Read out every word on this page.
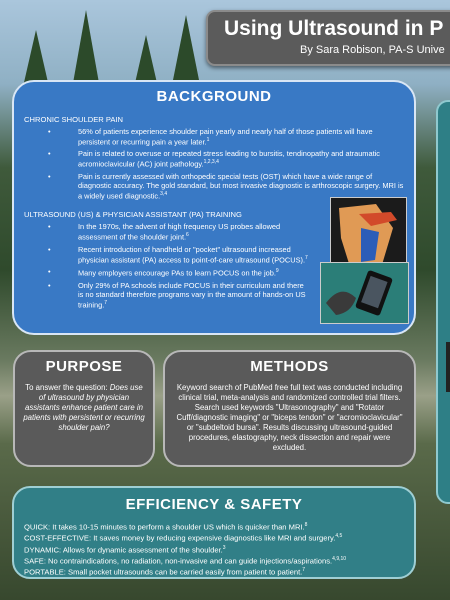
Using Ultrasound in P
By Sara Robison, PA-S Unive
BACKGROUND
CHRONIC SHOULDER PAIN
• 56% of patients experience shoulder pain yearly and nearly half of those patients will have persistent or recurring pain a year later.$^1$
• Pain is related to overuse or repeated stress leading to bursitis, tendinopathy and atraumatic acromioclavicular (AC) joint pathology.$^{1,2,3,4}$
• Pain is currently assessed with orthopedic special tests (OST) which have a wide range of diagnostic accuracy. The gold standard, but most invasive diagnostic is arthroscopic surgery. MRI is a widely used diagnostic.$^{3,4}$
ULTRASOUND (US) & PHYSICIAN ASSISTANT (PA) TRAINING
• In the 1970s, the advent of high frequency US probes allowed assessment of the shoulder joint.$^6$
• Recent introduction of handheld or "pocket" ultrasound increased physician assistant (PA) access to point-of-care ultrasound (POCUS).$^7$
• Many employers encourage PAs to learn POCUS on the job.$^9$
• Only 29% of PA schools include POCUS in their curriculum and there is no standard therefore programs vary in the amount of hands-on US training.$^7$
PURPOSE

To answer the question: Does use of ultrasound by physician assistants enhance patient care in patients with persistent or recurring shoulder pain?

METHODS

Keyword search of PubMed free full text was conducted including clinical trial, meta-analysis and randomized controlled trial filters. Search used keywords "Ultrasonography" and "Rotator Cuff/diagnostic imaging" or "biceps tendon" or "acromioclavicular" or "subdeltoid bursa". Results discussing ultrasound-guided procedures, elastography, neck dissection and repair were excluded.

EFFICIENCY & SAFETY
QUICK: It takes 10-15 minutes to perform a shoulder US which is quicker than MRI.$^8$
COST-EFFECTIVE: It saves money by reducing expensive diagnostics like MRI and surgery.$^{4,5}$
DYNAMIC: Allows for dynamic assessment of the shoulder.$^3$
SAFE: No contraindications, no radiation, non-invasive and can guide injections/aspirations.$^{4,9,10}$
PORTABLE: Small pocket ultrasounds can be carried easily from patient to patient.$^7$
